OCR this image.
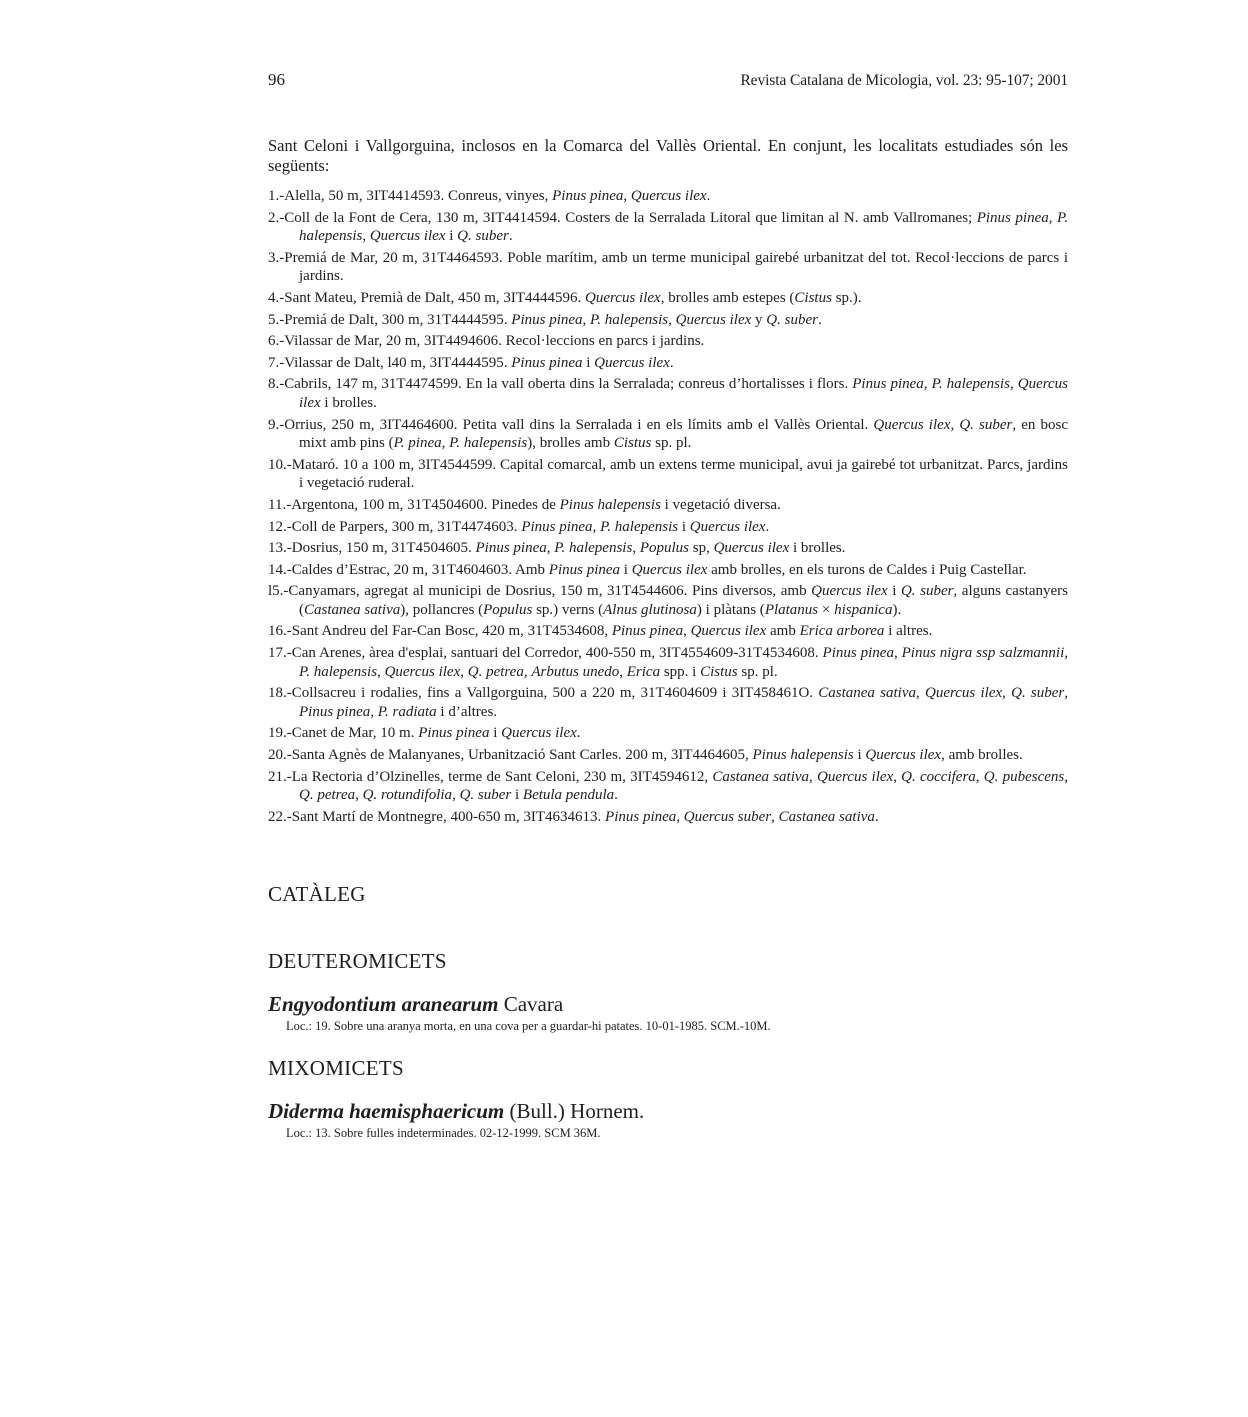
96	Revista Catalana de Micologia, vol. 23: 95-107; 2001
Sant Celoni i Vallgorguina, inclosos en la Comarca del Vallès Oriental. En conjunt, les localitats estudiades són les següents:
1.-Alella, 50 m, 3IT4414593. Conreus, vinyes, Pinus pinea, Quercus ilex.
2.-Coll de la Font de Cera, 130 m, 3IT4414594. Costers de la Serralada Litoral que limitan al N. amb Vallromanes; Pinus pinea, P. halepensis, Quercus ilex i Q. suber.
3.-Premiá de Mar, 20 m, 31T4464593. Poble marítim, amb un terme municipal gairebé urbanitzat del tot. Recol·leccions de parcs i jardins.
4.-Sant Mateu, Premià de Dalt, 450 m, 3IT4444596. Quercus ilex, brolles amb estepes (Cistus sp.).
5.-Premiá de Dalt, 300 m, 31T4444595. Pinus pinea, P. halepensis, Quercus ilex y Q. suber.
6.-Vilassar de Mar, 20 m, 3IT4494606. Recol·leccions en parcs i jardins.
7.-Vilassar de Dalt, l40 m, 3IT4444595. Pinus pinea i Quercus ilex.
8.-Cabrils, 147 m, 31T4474599. En la vall oberta dins la Serralada; conreus d’hortalisses i flors. Pinus pinea, P. halepensis, Quercus ilex i brolles.
9.-Orrius, 250 m, 3IT4464600. Petita vall dins la Serralada i en els límits amb el Vallès Oriental. Quercus ilex, Q. suber, en bosc mixt amb pins (P. pinea, P. halepensis), brolles amb Cistus sp. pl.
10.-Mataró. 10 a 100 m, 3IT4544599. Capital comarcal, amb un extens terme municipal, avui ja gairebé tot urbanitzat. Parcs, jardins i vegetació ruderal.
11.-Argentona, 100 m, 31T4504600. Pinedes de Pinus halepensis i vegetació diversa.
12.-Coll de Parpers, 300 m, 31T4474603. Pinus pinea, P. halepensis i Quercus ilex.
13.-Dosrius, 150 m, 31T4504605. Pinus pinea, P. halepensis, Populus sp, Quercus ilex i brolles.
14.-Caldes d’Estrac, 20 m, 31T4604603. Amb Pinus pinea i Quercus ilex amb brolles, en els turons de Caldes i Puig Castellar.
l5.-Canyamars, agregat al municipi de Dosrius, 150 m, 31T4544606. Pins diversos, amb Quercus ilex i Q. suber, alguns castanyers (Castanea sativa), pollancres (Populus sp.) verns (Alnus glutinosa) i plàtans (Platanus × hispanica).
16.-Sant Andreu del Far-Can Bosc, 420 m, 31T4534608, Pinus pinea, Quercus ilex amb Erica arborea i altres.
17.-Can Arenes, àrea d'esplai, santuari del Corredor, 400-550 m, 3IT4554609-31T4534608. Pinus pinea, Pinus nigra ssp salzmannii, P. halepensis, Quercus ilex, Q. petrea, Arbutus unedo, Erica spp. i Cistus sp. pl.
18.-Collsacreu i rodalies, fins a Vallgorguina, 500 a 220 m, 31T4604609 i 3IT458461O. Castanea sativa, Quercus ilex, Q. suber, Pinus pinea, P. radiata i d’altres.
19.-Canet de Mar, 10 m. Pinus pinea i Quercus ilex.
20.-Santa Agnès de Malanyanes, Urbanització Sant Carles. 200 m, 3IT4464605, Pinus halepensis i Quercus ilex, amb brolles.
21.-La Rectoria d’Olzinelles, terme de Sant Celoni, 230 m, 3IT4594612, Castanea sativa, Quercus ilex, Q. coccifera, Q. pubescens, Q. petrea, Q. rotundifolia, Q. suber i Betula pendula.
22.-Sant Martí de Montnegre, 400-650 m, 3IT4634613. Pinus pinea, Quercus suber, Castanea sativa.
CATÀLEG
DEUTEROMICETS
Engyodontium aranearum Cavara
Loc.: 19. Sobre una aranya morta, en una cova per a guardar-hi patates. 10-01-1985. SCM.-10M.
MIXOMICETS
Diderma haemisphaericum (Bull.) Hornem.
Loc.: 13. Sobre fulles indeterminades. 02-12-1999. SCM 36M.
